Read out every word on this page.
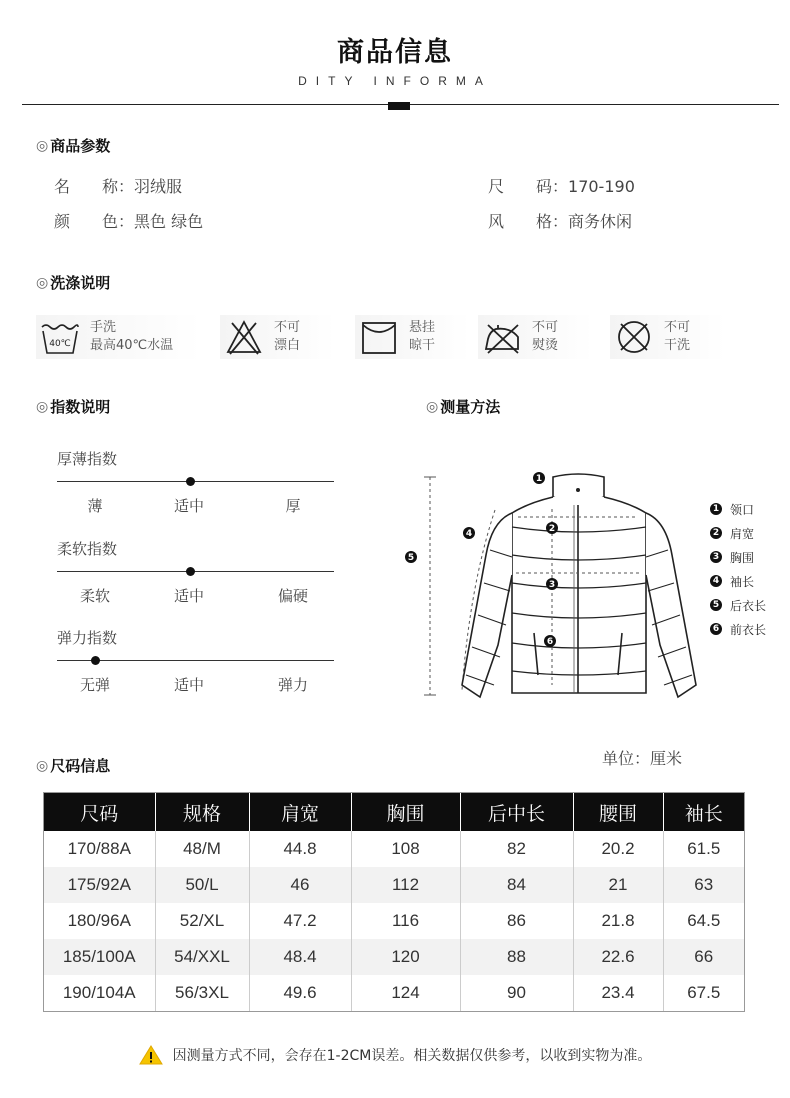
商品信息
DITY INFORMA
◎ 商品参数
名　　称：羽绒服
颜　　色：黑色 绿色
尺　　码：170-190
风　　格：商务休闲
◎ 洗涤说明
40℃
手洗
最高40℃水温
不可
漂白
悬挂
晾干
不可
熨烫
不可
干洗
◎ 指数说明
厚薄指数
薄	适中	厚
柔软指数
柔软	适中	偏硬
弹力指数
无弹	适中	弹力
◎ 测量方法
1
2
3
4
5
6
1 领口
2 肩宽
3 胸围
4 袖长
5 后衣长
6 前衣长
◎ 尺码信息	单位：厘米
尺码	规格	肩宽	胸围	后中长	腰围	袖长
170/88A	48/M	44.8	108	82	20.2	61.5
175/92A	50/L	46	112	84	21	63
180/96A	52/XL	47.2	116	86	21.8	64.5
185/100A	54/XXL	48.4	120	88	22.6	66
190/104A	56/3XL	49.6	124	90	23.4	67.5
因测量方式不同，会存在1-2CM误差。相关数据仅供参考，以收到实物为准。
